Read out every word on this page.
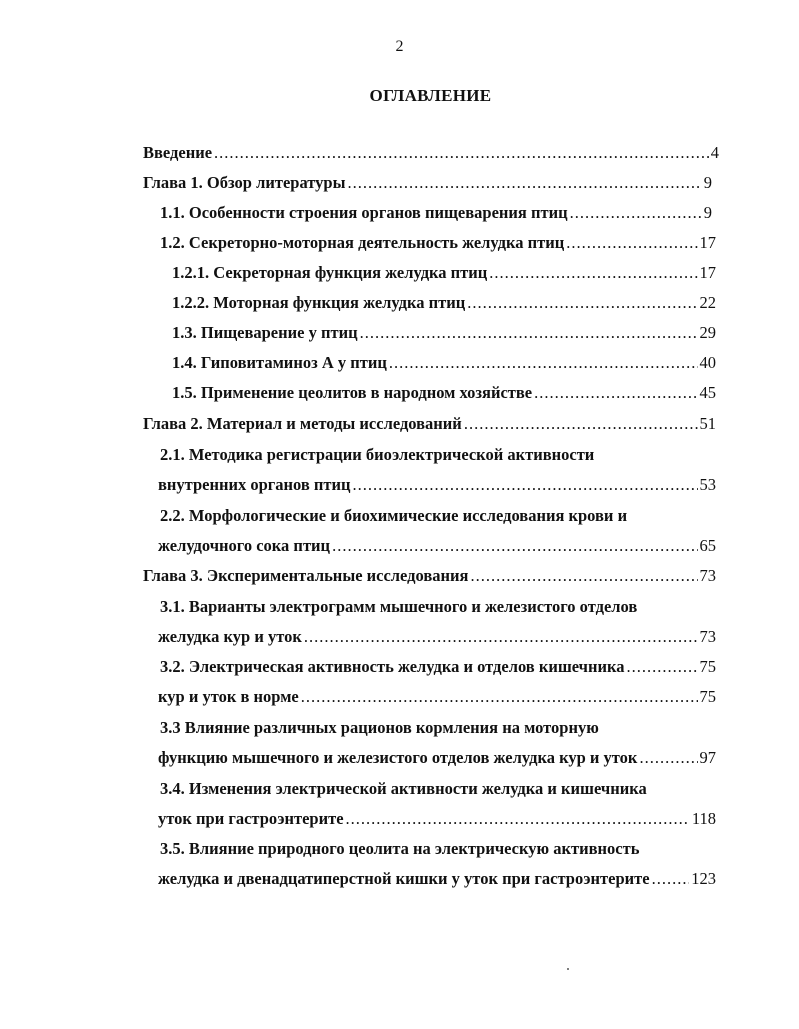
2
ОГЛАВЛЕНИЕ
Введение .....	4
Глава 1. Обзор литературы .....	9
1.1. Особенности строения органов пищеварения птиц .....	9
1.2. Секреторно-моторная деятельность желудка птиц .....	17
1.2.1. Секреторная функция желудка птиц .....	17
1.2.2. Моторная функция желудка птиц .....	22
1.3. Пищеварение у птиц .....	29
1.4. Гиповитаминоз А у птиц .....	40
1.5. Применение цеолитов в народном хозяйстве .....	45
Глава 2. Материал и методы исследований .....	51
2.1. Методика регистрации биоэлектрической активности
внутренних органов птиц .....	53
2.2. Морфологические и биохимические исследования крови и
желудочного сока птиц .....	65
Глава 3. Экспериментальные исследования .....	73
3.1. Варианты электрограмм мышечного и железистого отделов
желудка кур и уток .....	73
3.2. Электрическая активность желудка и отделов кишечника .....	75
кур и уток в норме .....	75
3.3 Влияние различных рационов кормления на моторную
функцию мышечного и железистого отделов желудка кур и уток .....	97
3.4. Изменения электрической активности желудка и кишечника
уток при гастроэнтерите .....	118
3.5. Влияние природного цеолита на электрическую активность
желудка и двенадцатиперстной кишки у уток при гастроэнтерите .....	123
